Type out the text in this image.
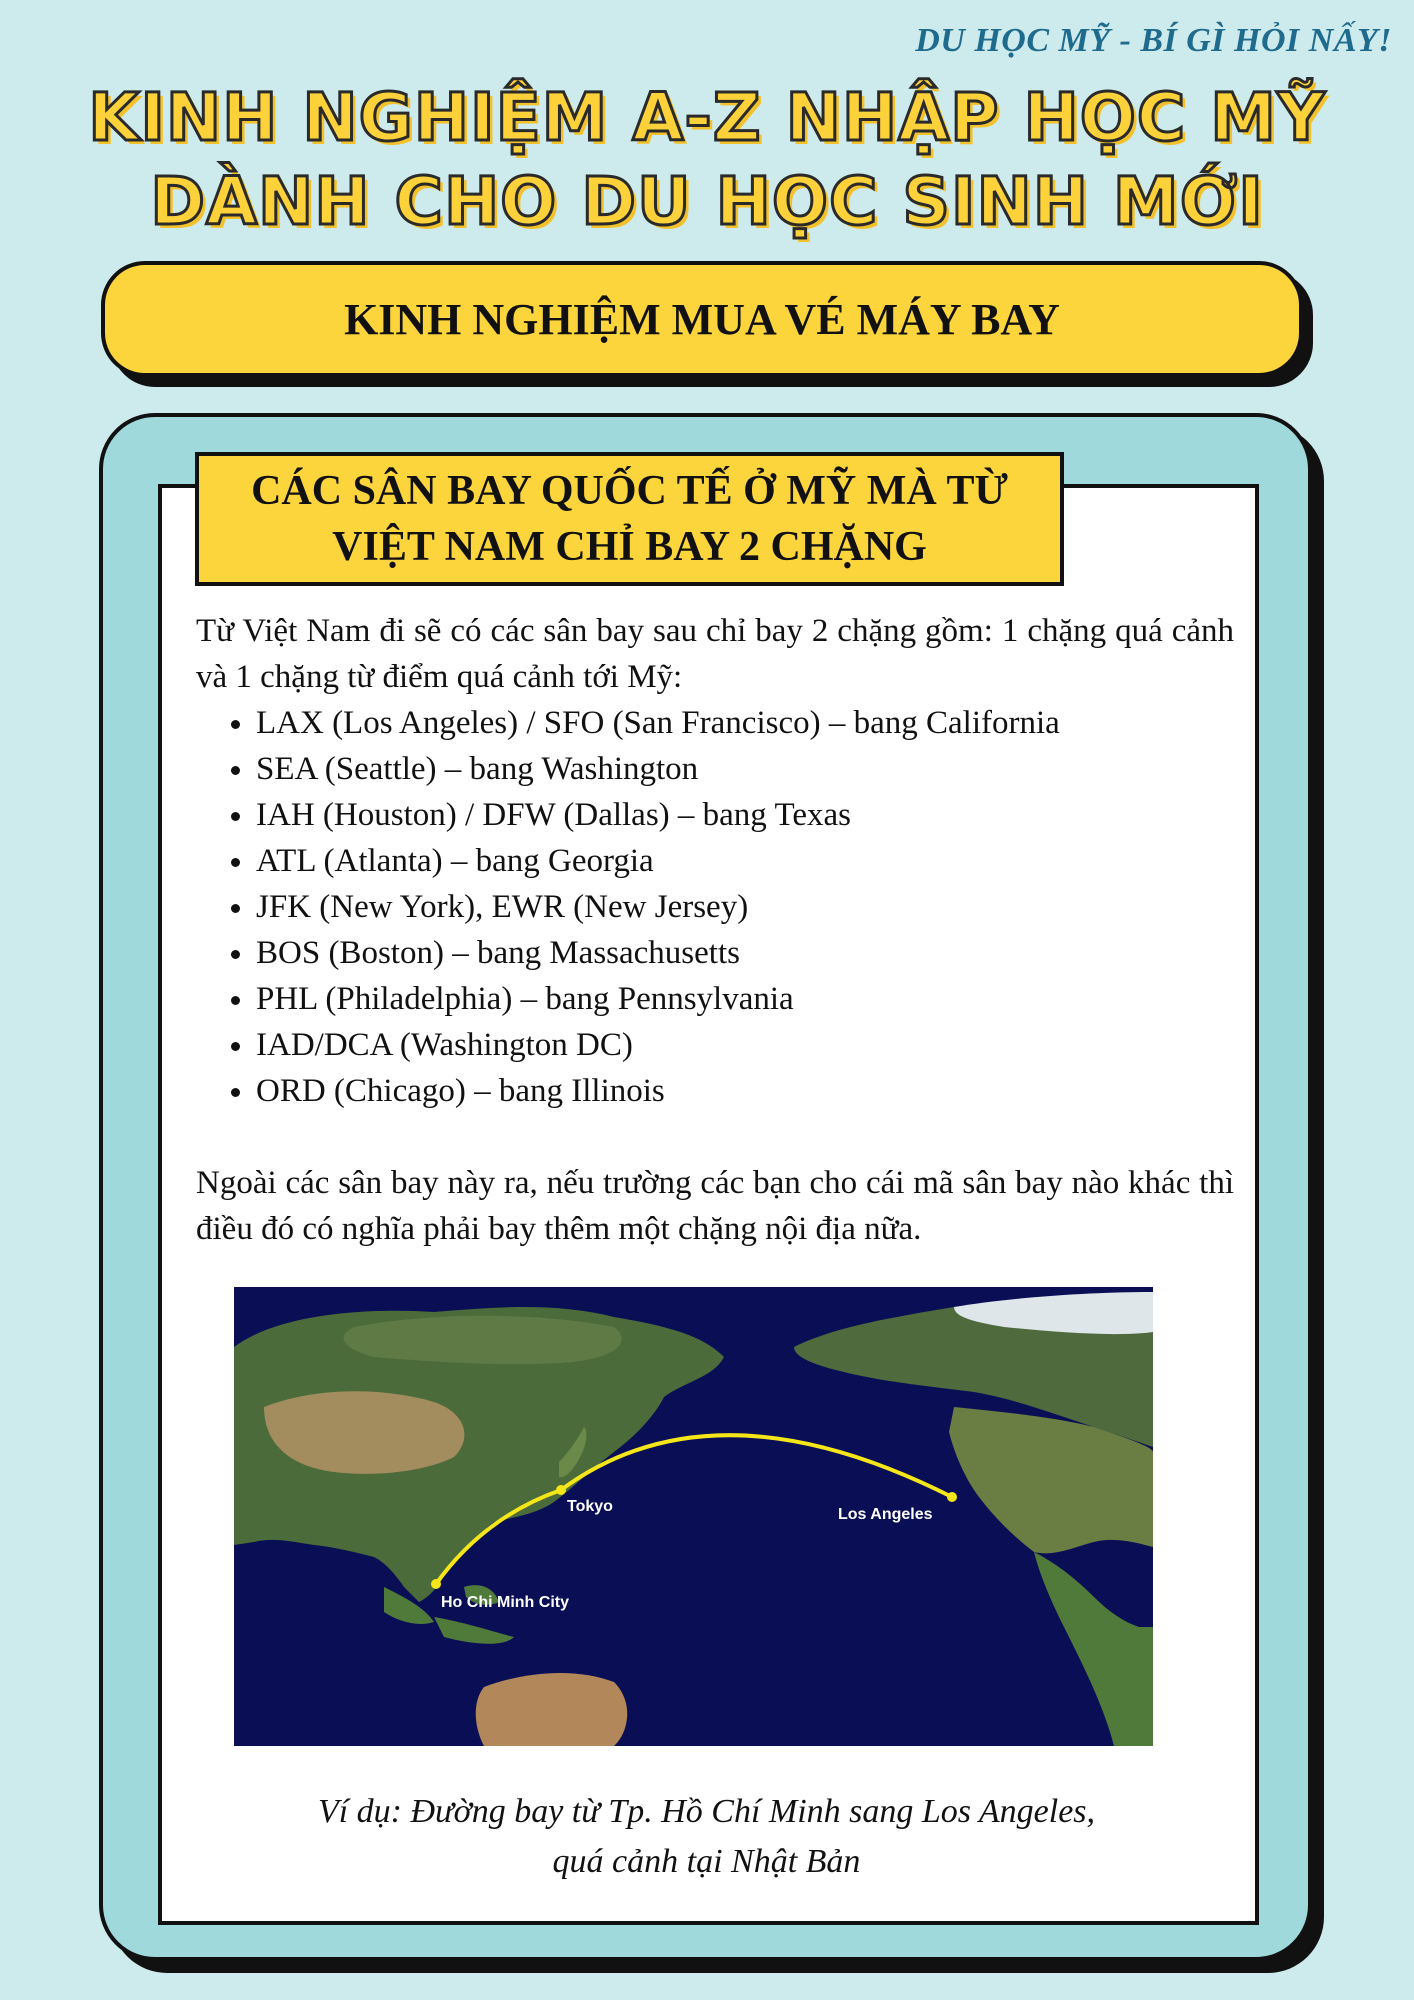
DU HỌC MỸ - BÍ GÌ HỎI NẤY!
KINH NGHIỆM A-Z NHẬP HỌC MỸ
DÀNH CHO DU HỌC SINH MỚI
KINH NGHIỆM MUA VÉ MÁY BAY
CÁC SÂN BAY QUỐC TẾ Ở MỸ MÀ TỪ
VIỆT NAM CHỈ BAY 2 CHẶNG

Từ Việt Nam đi sẽ có các sân bay sau chỉ bay 2 chặng gồm: 1 chặng quá cảnh và 1 chặng từ điểm quá cảnh tới Mỹ:

• LAX (Los Angeles) / SFO (San Francisco) – bang California
• SEA (Seattle) – bang Washington
• IAH (Houston) / DFW (Dallas) – bang Texas
• ATL (Atlanta) – bang Georgia
• JFK (New York), EWR (New Jersey)
• BOS (Boston) – bang Massachusetts
• PHL (Philadelphia) – bang Pennsylvania
• IAD/DCA (Washington DC)
• ORD (Chicago) – bang Illinois

Ngoài các sân bay này ra, nếu trường các bạn cho cái mã sân bay nào khác thì điều đó có nghĩa phải bay thêm một chặng nội địa nữa.

Ho Chi Minh City
Tokyo	Los Angeles
Ví dụ: Đường bay từ Tp. Hồ Chí Minh sang Los Angeles,
quá cảnh tại Nhật Bản
